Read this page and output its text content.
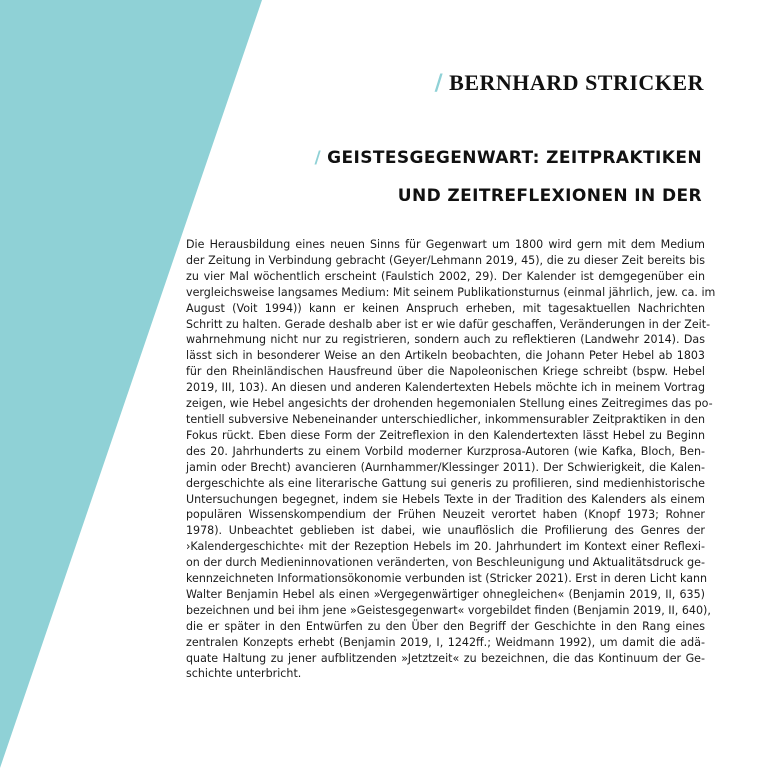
/ BERNHARD STRICKER
/ GEISTESGEGENWART: ZEITPRAKTIKEN
UND ZEITREFLEXIONEN IN DER
Die Herausbildung eines neuen Sinns für Gegenwart um 1800 wird gern mit dem Medium
der Zeitung in Verbindung gebracht (Geyer/Lehmann 2019, 45), die zu dieser Zeit bereits bis
zu vier Mal wöchentlich erscheint (Faulstich 2002, 29). Der Kalender ist demgegenüber ein
vergleichsweise langsames Medium: Mit seinem Publikationsturnus (einmal jährlich, jew. ca. im
August (Voit 1994)) kann er keinen Anspruch erheben, mit tagesaktuellen Nachrichten
Schritt zu halten. Gerade deshalb aber ist er wie dafür geschaffen, Veränderungen in der Zeit-
wahrnehmung nicht nur zu registrieren, sondern auch zu reflektieren (Landwehr 2014). Das
lässt sich in besonderer Weise an den Artikeln beobachten, die Johann Peter Hebel ab 1803
für den Rheinländischen Hausfreund über die Napoleonischen Kriege schreibt (bspw. Hebel
2019, III, 103). An diesen und anderen Kalendertexten Hebels möchte ich in meinem Vortrag
zeigen, wie Hebel angesichts der drohenden hegemonialen Stellung eines Zeitregimes das po-
tentiell subversive Nebeneinander unterschiedlicher, inkommensurabler Zeitpraktiken in den
Fokus rückt. Eben diese Form der Zeitreflexion in den Kalendertexten lässt Hebel zu Beginn
des 20. Jahrhunderts zu einem Vorbild moderner Kurzprosa-Autoren (wie Kafka, Bloch, Ben-
jamin oder Brecht) avancieren (Aurnhammer/Klessinger 2011). Der Schwierigkeit, die Kalen-
dergeschichte als eine literarische Gattung sui generis zu profilieren, sind medienhistorische
Untersuchungen begegnet, indem sie Hebels Texte in der Tradition des Kalenders als einem
populären Wissenskompendium der Frühen Neuzeit verortet haben (Knopf 1973; Rohner
1978). Unbeachtet geblieben ist dabei, wie unauflöslich die Profilierung des Genres der
›Kalendergeschichte‹ mit der Rezeption Hebels im 20. Jahrhundert im Kontext einer Reflexi-
on der durch Medieninnovationen veränderten, von Beschleunigung und Aktualitätsdruck ge-
kennzeichneten Informationsökonomie verbunden ist (Stricker 2021). Erst in deren Licht kann
Walter Benjamin Hebel als einen »Vergegenwärtiger ohnegleichen« (Benjamin 2019, II, 635)
bezeichnen und bei ihm jene »Geistesgegenwart« vorgebildet finden (Benjamin 2019, II, 640),
die er später in den Entwürfen zu den Über den Begriff der Geschichte in den Rang eines
zentralen Konzepts erhebt (Benjamin 2019, I, 1242ff.; Weidmann 1992), um damit die adä-
quate Haltung zu jener aufblitzenden »Jetztzeit« zu bezeichnen, die das Kontinuum der Ge-
schichte unterbricht.
